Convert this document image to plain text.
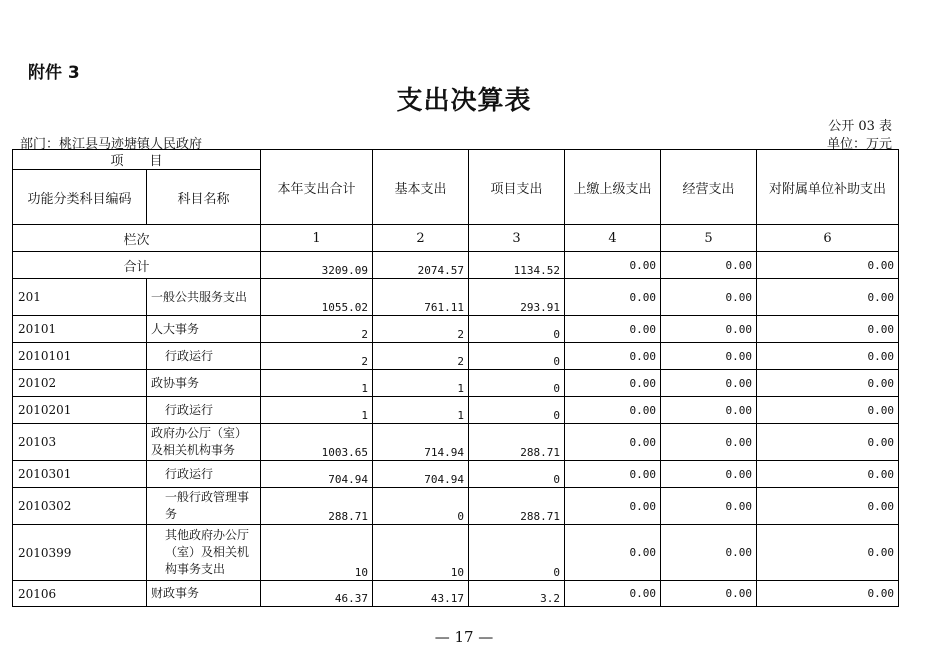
附件 3
支出决算表
公开 03 表
部门：桃江县马迹塘镇人民政府	单位：万元
项　　目		本年支出合计	基本支出	项目支出	上缴上级支出	经营支出	对附属单位补助支出
功能分类科目编码	科目名称						
栏次		1	2	3	4	5	6
合计		3209.09	2074.57	1134.52	0.00	0.00	0.00
201	一般公共服务支出	1055.02	761.11	293.91	0.00	0.00	0.00
20101	人大事务	2	2	0	0.00	0.00	0.00
2010101	行政运行	2	2	0	0.00	0.00	0.00
20102	政协事务	1	1	0	0.00	0.00	0.00
2010201	行政运行	1	1	0	0.00	0.00	0.00
20103	政府办公厅（室）及相关机构事务	1003.65	714.94	288.71	0.00	0.00	0.00
2010301	行政运行	704.94	704.94	0	0.00	0.00	0.00
2010302	一般行政管理事务	288.71	0	288.71	0.00	0.00	0.00
2010399	其他政府办公厅（室）及相关机构事务支出	10	10	0	0.00	0.00	0.00
20106	财政事务	46.37	43.17	3.2	0.00	0.00	0.00
— 17 —
